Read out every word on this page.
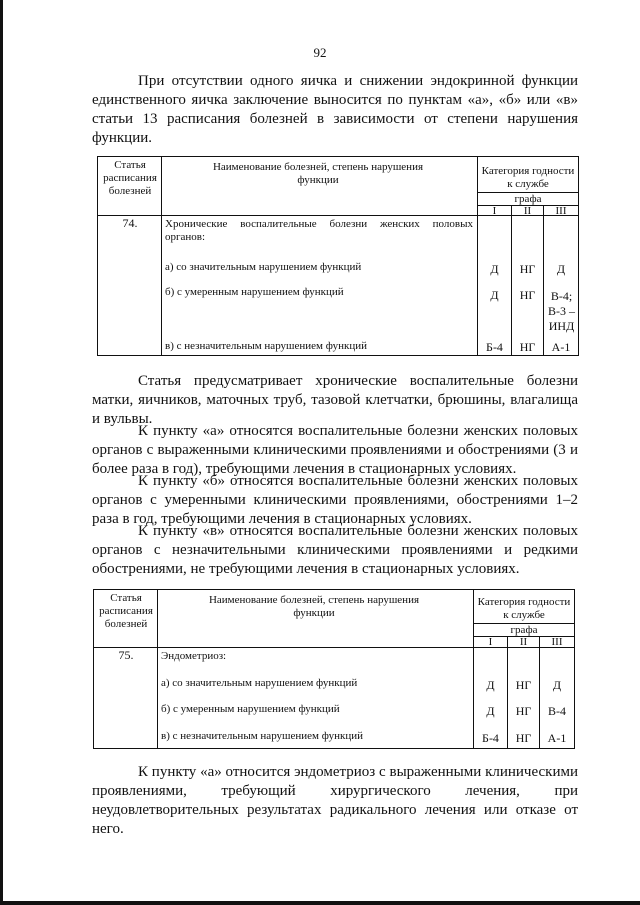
92

При отсутствии одного яичка и снижении эндокринной функции единственного яичка заключение выносится по пунктам «а», «б» или «в» статьи 13 расписания болезней в зависимости от степени нарушения функции.

Статья расписания болезней
Наименование болезней, степень нарушения функции
Категория годности к службе
графа
I	II	III
74.	Хронические воспалительные болезни женских половых органов:
а) со значительным нарушением функций	Д	НГ	Д
б) с умеренным нарушением функций	Д	НГ	В-4; В-3 – ИНД
в) с незначительным нарушением функций	Б-4	НГ	А-1

Статья предусматривает хронические воспалительные болезни матки, яичников, маточных труб, тазовой клетчатки, брюшины, влагалища и вульвы.

К пункту «а» относятся воспалительные болезни женских половых органов с выраженными клиническими проявлениями и обострениями (3 и более раза в год), требующими лечения в стационарных условиях.

К пункту «б» относятся воспалительные болезни женских половых органов с умеренными клиническими проявлениями, обострениями 1–2 раза в год, требующими лечения в стационарных условиях.

К пункту «в» относятся воспалительные болезни женских половых органов с незначительными клиническими проявлениями и редкими обострениями, не требующими лечения в стационарных условиях.

Статья расписания болезней
Наименование болезней, степень нарушения функции
Категория годности к службе
графа
I	II	III
75.	Эндометриоз:
а) со значительным нарушением функций	Д	НГ	Д
б) с умеренным нарушением функций	Д	НГ	В-4
в) с незначительным нарушением функций	Б-4	НГ	А-1

К пункту «а» относится эндометриоз с выраженными клиническими проявлениями, требующий хирургического лечения, при неудовлетворительных результатах радикального лечения или отказе от него.
